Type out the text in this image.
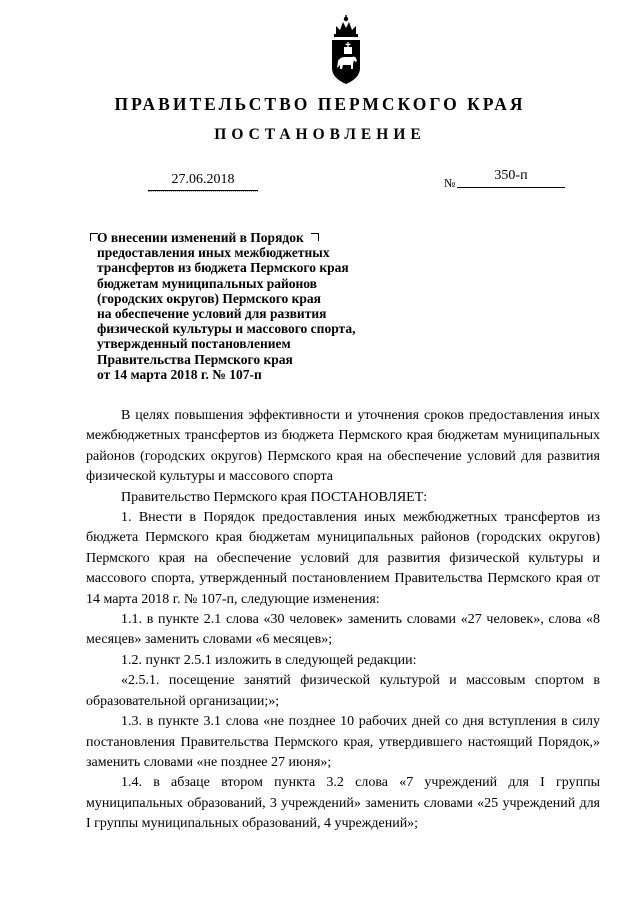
ПРАВИТЕЛЬСТВО ПЕРМСКОГО КРАЯ
ПОСТАНОВЛЕНИЕ
27.06.2018	№	350-п
О внесении изменений в Порядок
предоставления иных межбюджетных
трансфертов из бюджета Пермского края
бюджетам муниципальных районов
(городских округов) Пермского края
на обеспечение условий для развития
физической культуры и массового спорта,
утвержденный постановлением
Правительства Пермского края
от 14 марта 2018 г. № 107-п

В целях повышения эффективности и уточнения сроков предоставления иных межбюджетных трансфертов из бюджета Пермского края бюджетам муниципальных районов (городских округов) Пермского края на обеспечение условий для развития физической культуры и массового спорта

Правительство Пермского края ПОСТАНОВЛЯЕТ:

1. Внести в Порядок предоставления иных межбюджетных трансфертов из бюджета Пермского края бюджетам муниципальных районов (городских округов) Пермского края на обеспечение условий для развития физической культуры и массового спорта, утвержденный постановлением Правительства Пермского края от 14 марта 2018 г. № 107-п, следующие изменения:

1.1. в пункте 2.1 слова «30 человек» заменить словами «27 человек», слова «8 месяцев» заменить словами «6 месяцев»;

1.2. пункт 2.5.1 изложить в следующей редакции:

«2.5.1. посещение занятий физической культурой и массовым спортом в образовательной организации;»;

1.3. в пункте 3.1 слова «не позднее 10 рабочих дней со дня вступления в силу постановления Правительства Пермского края, утвердившего настоящий Порядок,» заменить словами «не позднее 27 июня»;

1.4. в абзаце втором пункта 3.2 слова «7 учреждений для I группы муниципальных образований, 3 учреждений» заменить словами «25 учреждений для I группы муниципальных образований, 4 учреждений»;
